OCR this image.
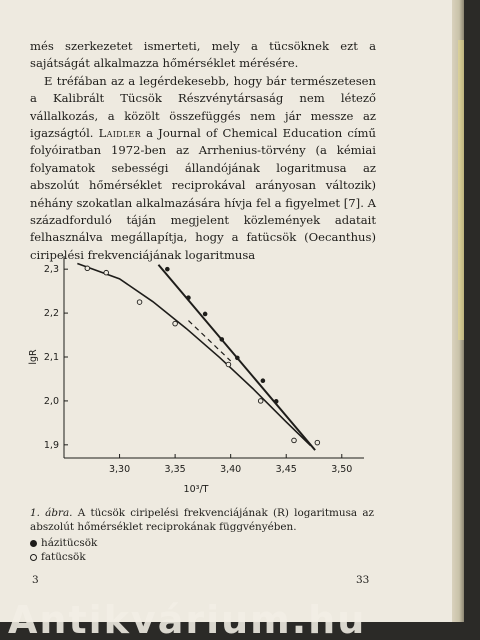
més szerkezetet ismerteti, mely a tücsöknek ezt a sajátságát alkalmazza hőmérséklet mérésére.

E tréfában az a legérdekesebb, hogy bár természetesen a Kalibrált Tücsök Részvénytársaság nem létező vállalkozás, a közölt összefüggés nem jár messze az igazságtól. Laidler a Journal of Chemical Education című folyóiratban 1972-ben az Arrhenius-törvény (a kémiai folyamatok sebességi állandójának logaritmusa az abszolút hőmérséklet reciprokával arányosan változik) néhány szokatlan alkalmazására hívja fel a figyelmet [7]. A századforduló táján megjelent közlemények adatait felhasználva megállapítja, hogy a fatücsök (Oecanthus) ciripelési frekvenciájának logaritmusa

3,30	3,35	3,40	3,45	3,50
1,9
2,0
2,1
2,2
2,3
lgR
10³/T
1. ábra. A tücsök ciripelési frekvenciájának (R) logaritmusa az abszolút hőmérséklet reciprokának függvényében.
házitücsök
fatücsök
3	33
Antikvárium.hu
